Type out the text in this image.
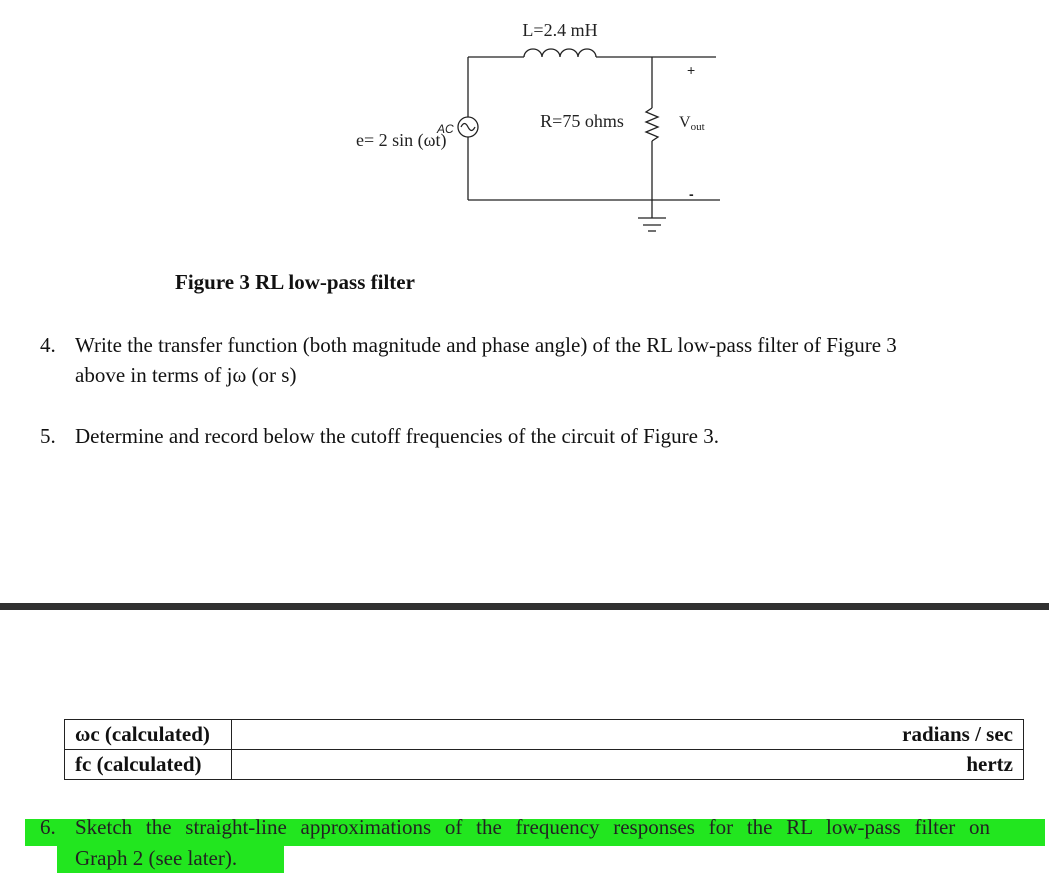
L=2.4 mH
R=75 ohms
e= 2 sin (ωt)
AC
+
-
Vout
Figure 3 RL low-pass filter
4. Write the transfer function (both magnitude and phase angle) of the RL low-pass filter of Figure 3
above in terms of jω (or s)
5. Determine and record below the cutoff frequencies of the circuit of Figure 3.
ωc (calculated)	radians / sec
fc (calculated)	hertz
6. Sketch the straight-line approximations of the frequency responses for the RL low-pass filter on
Graph 2 (see later).
